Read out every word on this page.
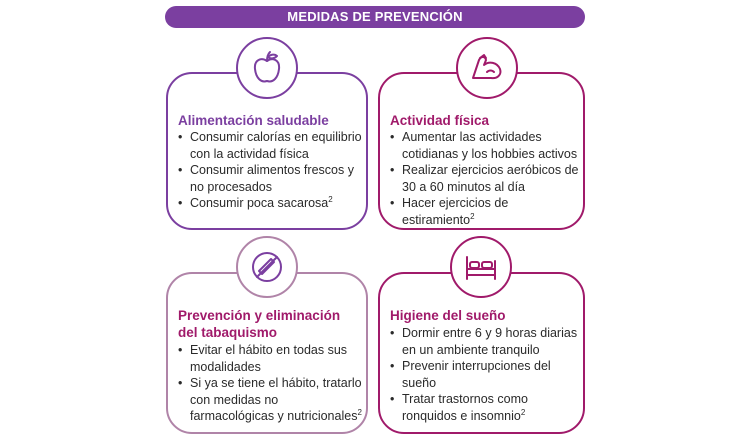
MEDIDAS DE PREVENCIÓN
Alimentación saludable
• Consumir calorías en equilibrio con la actividad física
• Consumir alimentos frescos y no procesados
• Consumir poca sacarosa$^2$
Actividad física
• Aumentar las actividades cotidianas y los hobbies activos
• Realizar ejercicios aeróbicos de 30 a 60 minutos al día
• Hacer ejercicios de estiramiento$^2$
Prevención y eliminación
del tabaquismo
• Evitar el hábito en todas sus modalidades
• Si ya se tiene el hábito, tratarlo con medidas no farmacológicas y nutricionales$^2$
Higiene del sueño
• Dormir entre 6 y 9 horas diarias en un ambiente tranquilo
• Prevenir interrupciones del sueño
• Tratar trastornos como ronquidos e insomnio$^2$
